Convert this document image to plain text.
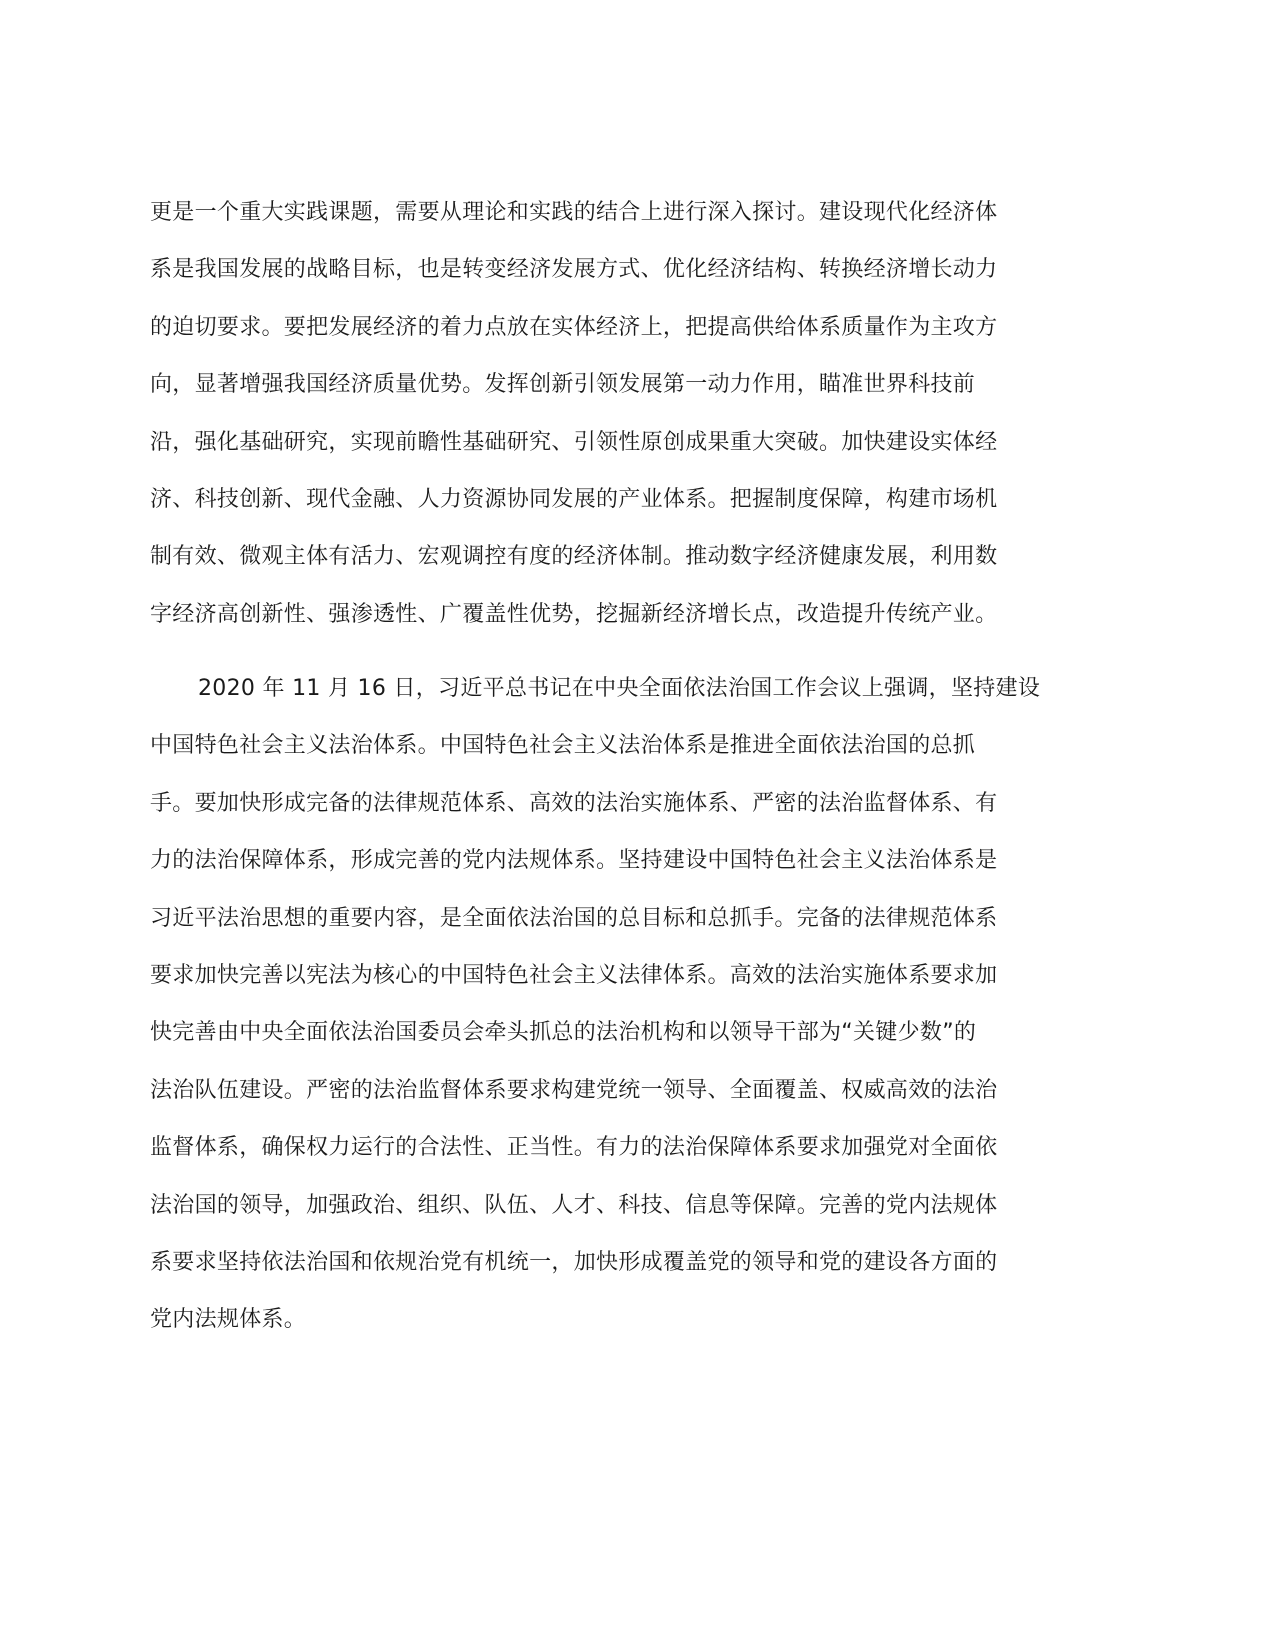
更是一个重大实践课题，需要从理论和实践的结合上进行深入探讨。建设现代化经济体
系是我国发展的战略目标，也是转变经济发展方式、优化经济结构、转换经济增长动力
的迫切要求。要把发展经济的着力点放在实体经济上，把提高供给体系质量作为主攻方
向，显著增强我国经济质量优势。发挥创新引领发展第一动力作用，瞄准世界科技前
沿，强化基础研究，实现前瞻性基础研究、引领性原创成果重大突破。加快建设实体经
济、科技创新、现代金融、人力资源协同发展的产业体系。把握制度保障，构建市场机
制有效、微观主体有活力、宏观调控有度的经济体制。推动数字经济健康发展，利用数
字经济高创新性、强渗透性、广覆盖性优势，挖掘新经济增长点，改造提升传统产业。
2020 年 11 月 16 日，习近平总书记在中央全面依法治国工作会议上强调，坚持建设
中国特色社会主义法治体系。中国特色社会主义法治体系是推进全面依法治国的总抓
手。要加快形成完备的法律规范体系、高效的法治实施体系、严密的法治监督体系、有
力的法治保障体系，形成完善的党内法规体系。坚持建设中国特色社会主义法治体系是
习近平法治思想的重要内容，是全面依法治国的总目标和总抓手。完备的法律规范体系
要求加快完善以宪法为核心的中国特色社会主义法律体系。高效的法治实施体系要求加
快完善由中央全面依法治国委员会牵头抓总的法治机构和以领导干部为“关键少数”的
法治队伍建设。严密的法治监督体系要求构建党统一领导、全面覆盖、权威高效的法治
监督体系，确保权力运行的合法性、正当性。有力的法治保障体系要求加强党对全面依
法治国的领导，加强政治、组织、队伍、人才、科技、信息等保障。完善的党内法规体
系要求坚持依法治国和依规治党有机统一，加快形成覆盖党的领导和党的建设各方面的
党内法规体系。
